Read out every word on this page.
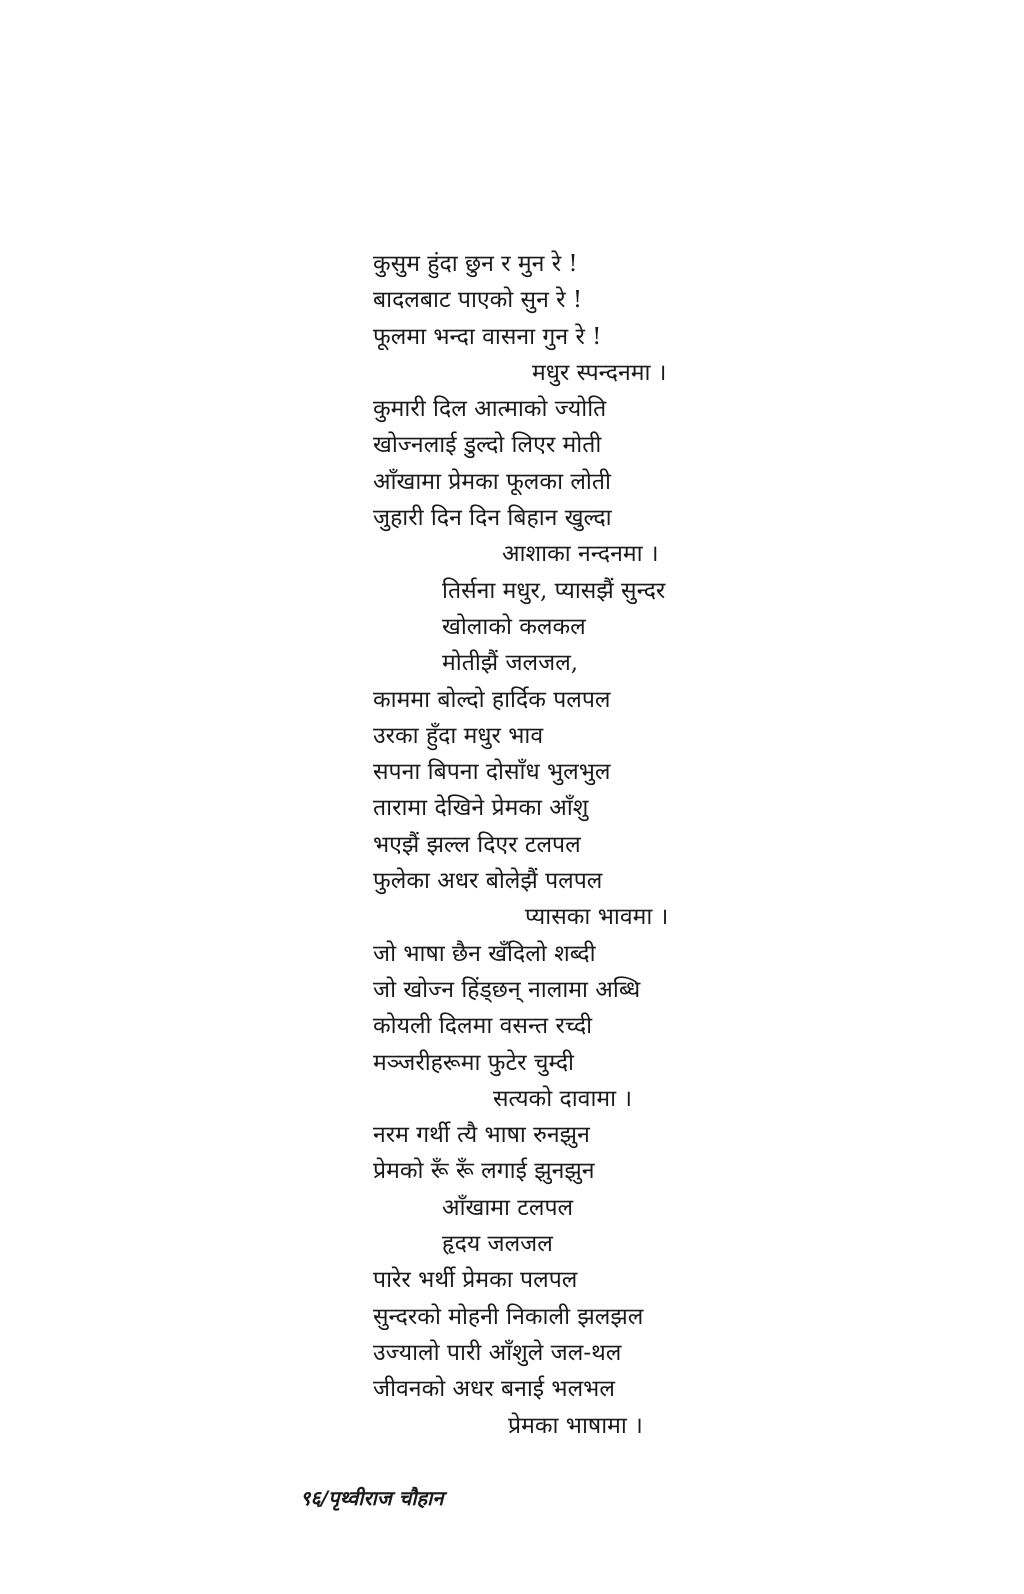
कुसुम हुंदा छुन र मुन रे !
बादलबाट पाएको सुन रे !
फूलमा भन्दा वासना गुन रे !
मधुर स्पन्दनमा ।
कुमारी दिल आत्माको ज्योति
खोज्नलाई डुल्दो लिएर मोती
आँखामा प्रेमका फूलका लोती
जुहारी दिन दिन बिहान खुल्दा
आशाका नन्दनमा ।
तिर्सना मधुर, प्यासझैं सुन्दर
खोलाको कलकल
मोतीझैं जलजल,
काममा बोल्दो हार्दिक पलपल
उरका हुँदा मधुर भाव
सपना बिपना दोसाँध भुलभुल
तारामा देखिने प्रेमका आँशु
भएझैं झल्ल दिएर टलपल
फुलेका अधर बोलेझैं पलपल
प्यासका भावमा ।
जो भाषा छैन खँदिलो शब्दी
जो खोज्न हिंड्छन् नालामा अब्धि
कोयली दिलमा वसन्त रच्दी
मञ्जरीहरूमा फुटेर चुम्दी
सत्यको दावामा ।
नरम गर्थी त्यै भाषा रुनझुन
प्रेमको रूँ रूँ लगाई झुनझुन
आँखामा टलपल
हृदय जलजल
पारेर भर्थी प्रेमका पलपल
सुन्दरको मोहनी निकाली झलझल
उज्यालो पारी आँशुले जल-थल
जीवनको अधर बनाई भलभल
प्रेमका भाषामा ।
९६/पृथ्वीराज चौहान
